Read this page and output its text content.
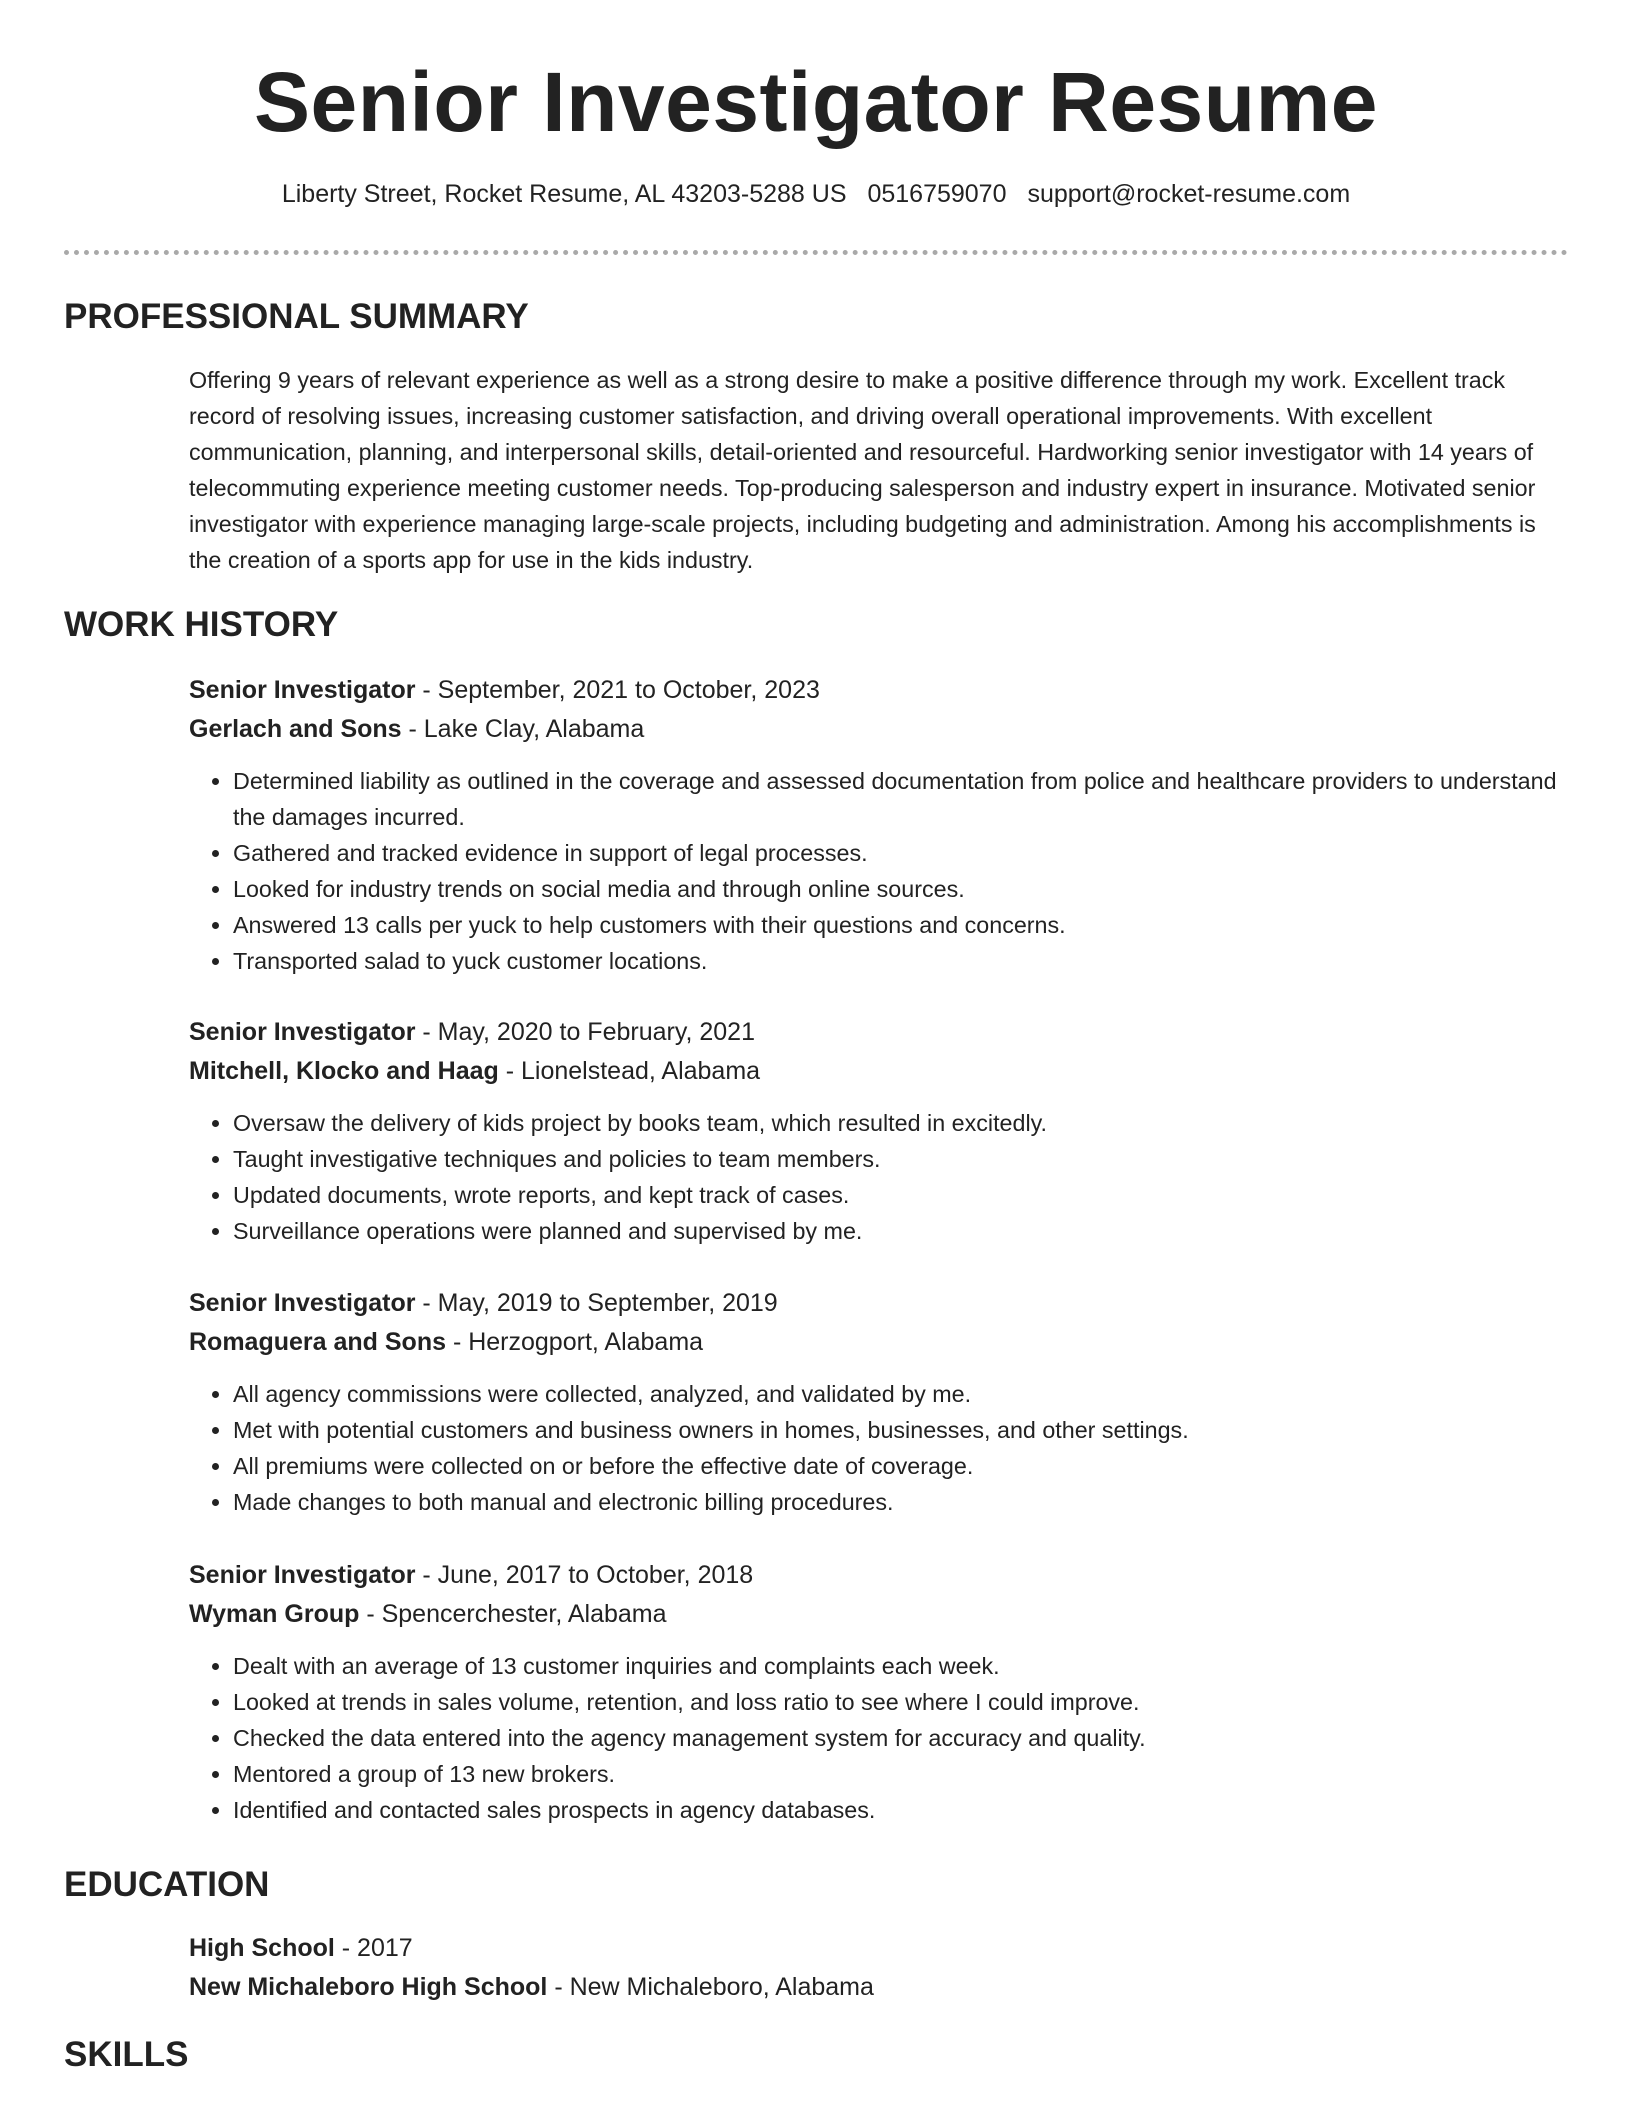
Senior Investigator Resume
Liberty Street, Rocket Resume, AL 43203-5288 US 0516759070 support@rocket-resume.com
PROFESSIONAL SUMMARY

Offering 9 years of relevant experience as well as a strong desire to make a positive difference through my work. Excellent track record of resolving issues, increasing customer satisfaction, and driving overall operational improvements. With excellent communication, planning, and interpersonal skills, detail-oriented and resourceful. Hardworking senior investigator with 14 years of telecommuting experience meeting customer needs. Top-producing salesperson and industry expert in insurance. Motivated senior investigator with experience managing large-scale projects, including budgeting and administration. Among his accomplishments is the creation of a sports app for use in the kids industry.

WORK HISTORY
Senior Investigator - September, 2021 to October, 2023
Gerlach and Sons - Lake Clay, Alabama
• Determined liability as outlined in the coverage and assessed documentation from police and healthcare providers to understand the damages incurred.
• Gathered and tracked evidence in support of legal processes.
• Looked for industry trends on social media and through online sources.
• Answered 13 calls per yuck to help customers with their questions and concerns.
• Transported salad to yuck customer locations.
Senior Investigator - May, 2020 to February, 2021
Mitchell, Klocko and Haag - Lionelstead, Alabama
• Oversaw the delivery of kids project by books team, which resulted in excitedly.
• Taught investigative techniques and policies to team members.
• Updated documents, wrote reports, and kept track of cases.
• Surveillance operations were planned and supervised by me.
Senior Investigator - May, 2019 to September, 2019
Romaguera and Sons - Herzogport, Alabama
• All agency commissions were collected, analyzed, and validated by me.
• Met with potential customers and business owners in homes, businesses, and other settings.
• All premiums were collected on or before the effective date of coverage.
• Made changes to both manual and electronic billing procedures.
Senior Investigator - June, 2017 to October, 2018
Wyman Group - Spencerchester, Alabama
• Dealt with an average of 13 customer inquiries and complaints each week.
• Looked at trends in sales volume, retention, and loss ratio to see where I could improve.
• Checked the data entered into the agency management system for accuracy and quality.
• Mentored a group of 13 new brokers.
• Identified and contacted sales prospects in agency databases.
EDUCATION
High School - 2017
New Michaleboro High School - New Michaleboro, Alabama
SKILLS
